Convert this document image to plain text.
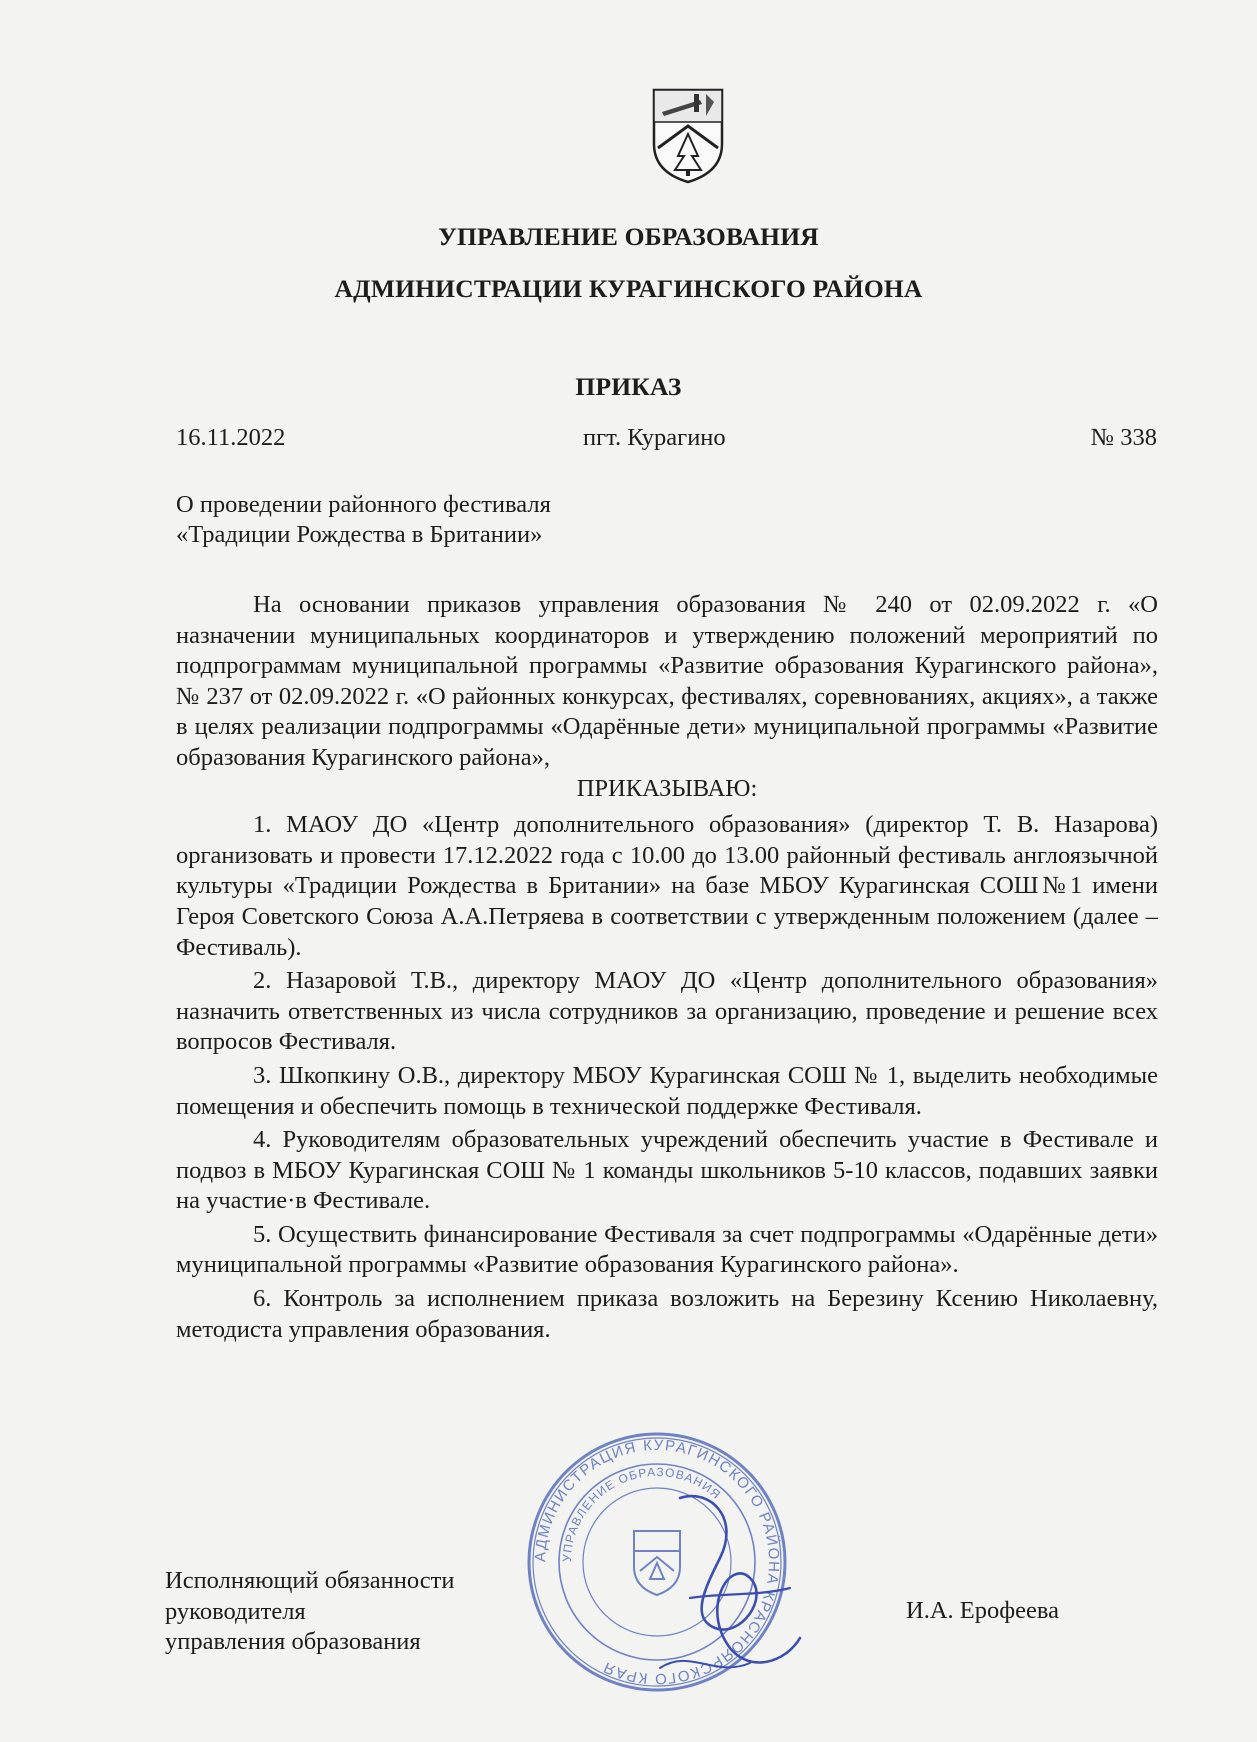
УПРАВЛЕНИЕ ОБРАЗОВАНИЯ
АДМИНИСТРАЦИИ КУРАГИНСКОГО РАЙОНА
ПРИКАЗ
16.11.2022	пгт. Курагино	№ 338
О проведении районного фестиваля
«Традиции Рождества в Британии»

На основании приказов управления образования № 240 от 02.09.2022 г. «О назначении муниципальных координаторов и утверждению положений мероприятий по подпрограммам муниципальной программы «Развитие образования Курагинского района», № 237 от 02.09.2022 г. «О районных конкурсах, фестивалях, соревнованиях, акциях», а также в целях реализации подпрограммы «Одарённые дети» муниципальной программы «Развитие образования Курагинского района»,

ПРИКАЗЫВАЮ:

1. МАОУ ДО «Центр дополнительного образования» (директор Т. В. Назарова) организовать и провести 17.12.2022 года с 10.00 до 13.00 районный фестиваль англоязычной культуры «Традиции Рождества в Британии» на базе МБОУ Курагинская СОШ№1 имени Героя Советского Союза А.А.Петряева в соответствии с утвержденным положением (далее – Фестиваль).

2. Назаровой Т.В., директору МАОУ ДО «Центр дополнительного образования» назначить ответственных из числа сотрудников за организацию, проведение и решение всех вопросов Фестиваля.

3. Шкопкину О.В., директору МБОУ Курагинская СОШ № 1, выделить необходимые помещения и обеспечить помощь в технической поддержке Фестиваля.

4. Руководителям образовательных учреждений обеспечить участие в Фестивале и подвоз в МБОУ Курагинская СОШ № 1 команды школьников 5-10 классов, подавших заявки на участие·в Фестивале.

5. Осуществить финансирование Фестиваля за счет подпрограммы «Одарённые дети» муниципальной программы «Развитие образования Курагинского района».

6. Контроль за исполнением приказа возложить на Березину Ксению Николаевну, методиста управления образования.

Исполняющий обязанности
руководителя
управления образования
И.А. Ерофеева
АДМИНИСТРАЦИЯ КУРАГИНСКОГО РАЙОНА КРАСНОЯРСКОГО КРАЯ
УПРАВЛЕНИЕ ОБРАЗОВАНИЯ
